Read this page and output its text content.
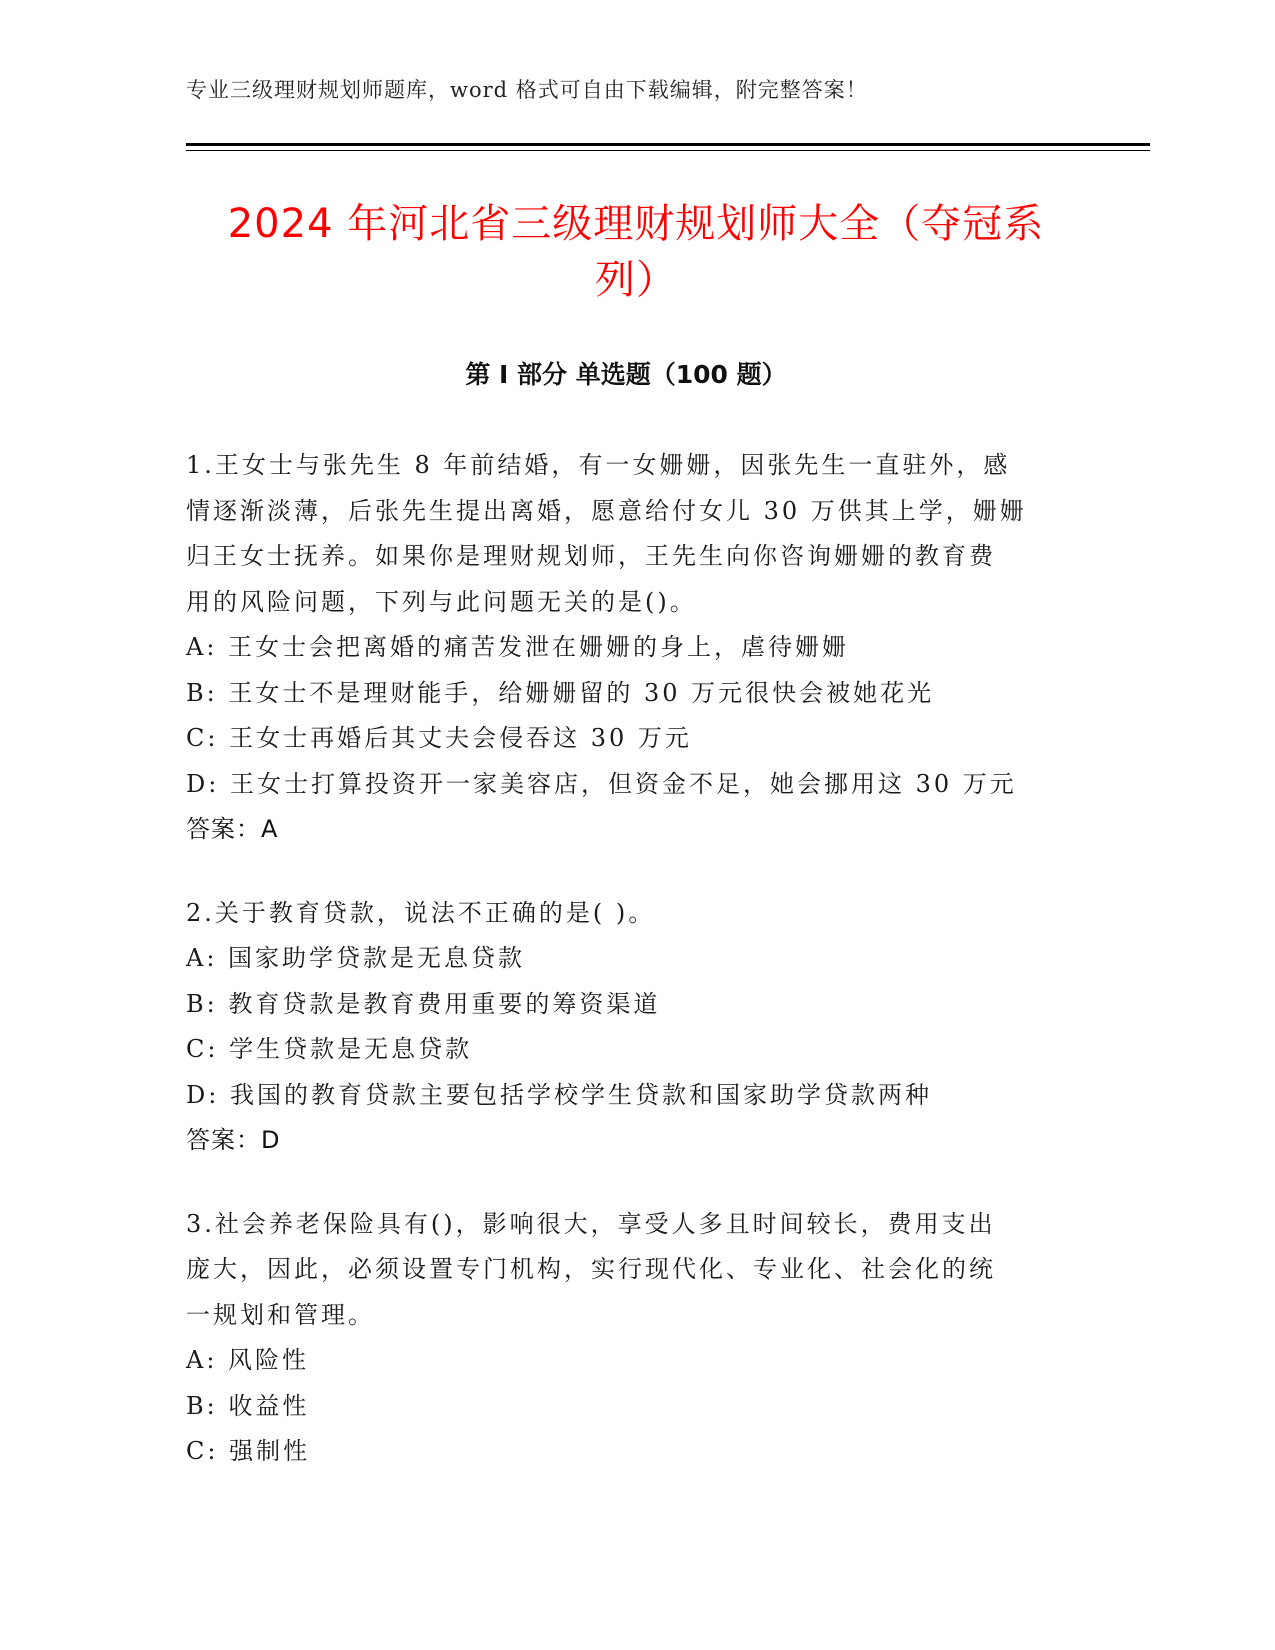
专业三级理财规划师题库，word 格式可自由下载编辑，附完整答案！
2024 年河北省三级理财规划师大全（夺冠系
列）
第 I 部分 单选题（100 题）
1.王女士与张先生 8 年前结婚，有一女姗姗，因张先生一直驻外，感
情逐渐淡薄，后张先生提出离婚，愿意给付女儿 30 万供其上学，姗姗
归王女士抚养。如果你是理财规划师，王先生向你咨询姗姗的教育费
用的风险问题，下列与此问题无关的是()。
A: 王女士会把离婚的痛苦发泄在姗姗的身上，虐待姗姗
B: 王女士不是理财能手，给姗姗留的 30 万元很快会被她花光
C: 王女士再婚后其丈夫会侵吞这 30 万元
D: 王女士打算投资开一家美容店，但资金不足，她会挪用这 30 万元
答案：A
2.关于教育贷款，说法不正确的是( )。
A: 国家助学贷款是无息贷款
B: 教育贷款是教育费用重要的筹资渠道
C: 学生贷款是无息贷款
D: 我国的教育贷款主要包括学校学生贷款和国家助学贷款两种
答案：D
3.社会养老保险具有()，影响很大，享受人多且时间较长，费用支出
庞大，因此，必须设置专门机构，实行现代化、专业化、社会化的统
一规划和管理。
A: 风险性
B: 收益性
C: 强制性
